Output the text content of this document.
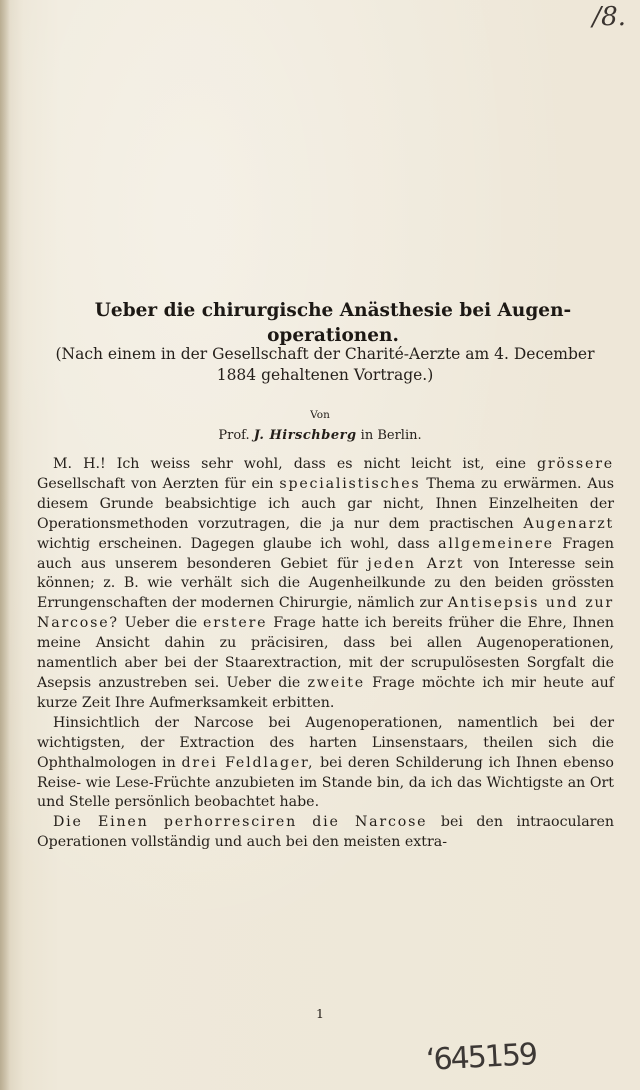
/8.
Ueber die chirurgische Anästhesie bei Augen-operationen.

(Nach einem in der Gesellschaft der Charité-Aerzte am 4. December 1884 gehaltenen Vortrage.)

Von
Prof. J. Hirschberg in Berlin.

M. H.! Ich weiss sehr wohl, dass es nicht leicht ist, eine grössere Gesellschaft von Aerzten für ein specialistisches Thema zu erwärmen. Aus diesem Grunde beabsichtige ich auch gar nicht, Ihnen Einzelheiten der Operationsmethoden vorzutragen, die ja nur dem practischen Augenarzt wichtig erscheinen. Dagegen glaube ich wohl, dass allgemeinere Fragen auch aus unserem besonderen Gebiet für jeden Arzt von Interesse sein können; z. B. wie verhält sich die Augenheilkunde zu den beiden grössten Errungenschaften der modernen Chirurgie, nämlich zur Antisepsis und zur Narcose? Ueber die erstere Frage hatte ich bereits früher die Ehre, Ihnen meine Ansicht dahin zu präcisiren, dass bei allen Augenoperationen, namentlich aber bei der Staarextraction, mit der scrupulösesten Sorgfalt die Asepsis anzustreben sei. Ueber die zweite Frage möchte ich mir heute auf kurze Zeit Ihre Aufmerksamkeit erbitten.

Hinsichtlich der Narcose bei Augenoperationen, namentlich bei der wichtigsten, der Extraction des harten Linsenstaars, theilen sich die Ophthalmologen in drei Feldlager, bei deren Schilderung ich Ihnen ebenso Reise- wie Lese-Früchte anzubieten im Stande bin, da ich das Wichtigste an Ort und Stelle persönlich beobachtet habe.

Die Einen perhorresciren die Narcose bei den intraocularen Operationen vollständig und auch bei den meisten extra-

1
ʻ645159
